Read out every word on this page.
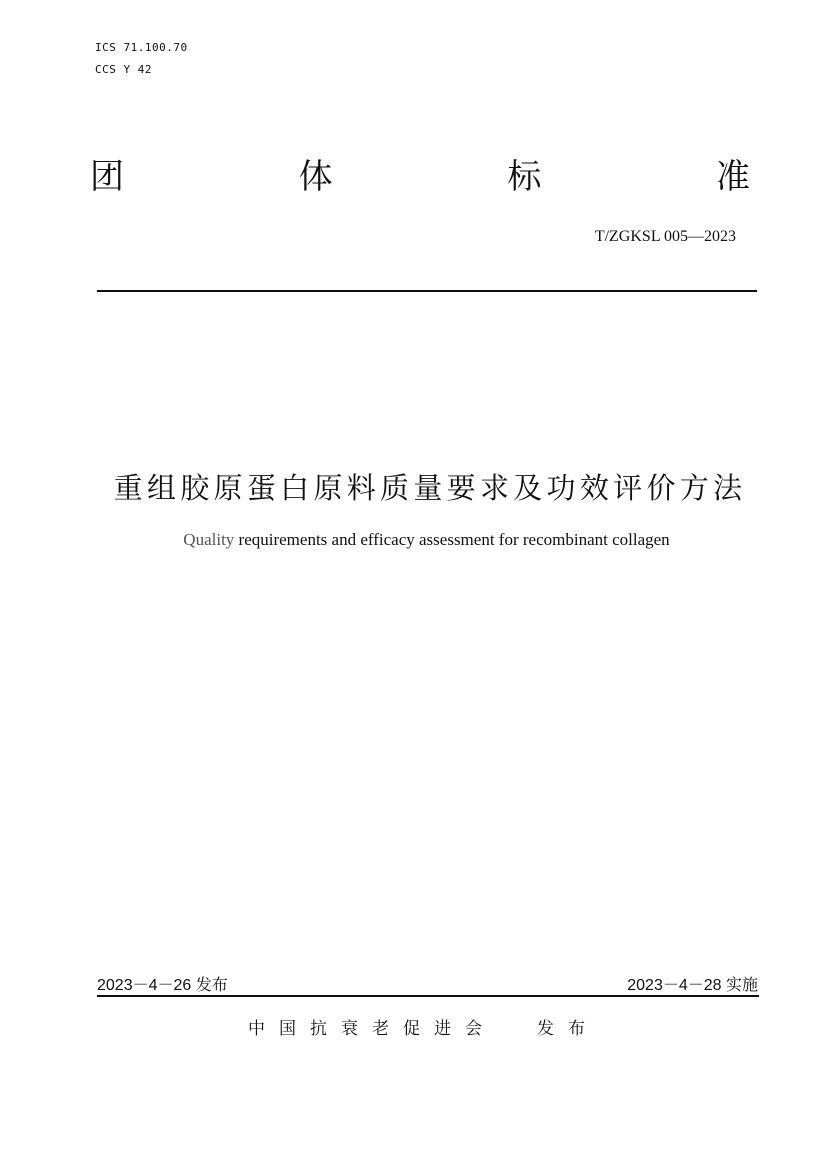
ICS 71.100.70
CCS Y 42
团	体	标	准
T/ZGKSL 005—2023
重组胶原蛋白原料质量要求及功效评价方法
Quality requirements and efficacy assessment for recombinant collagen
2023－4－26 发布	2023－4－28 实施
中国抗衰老促进会 发布
